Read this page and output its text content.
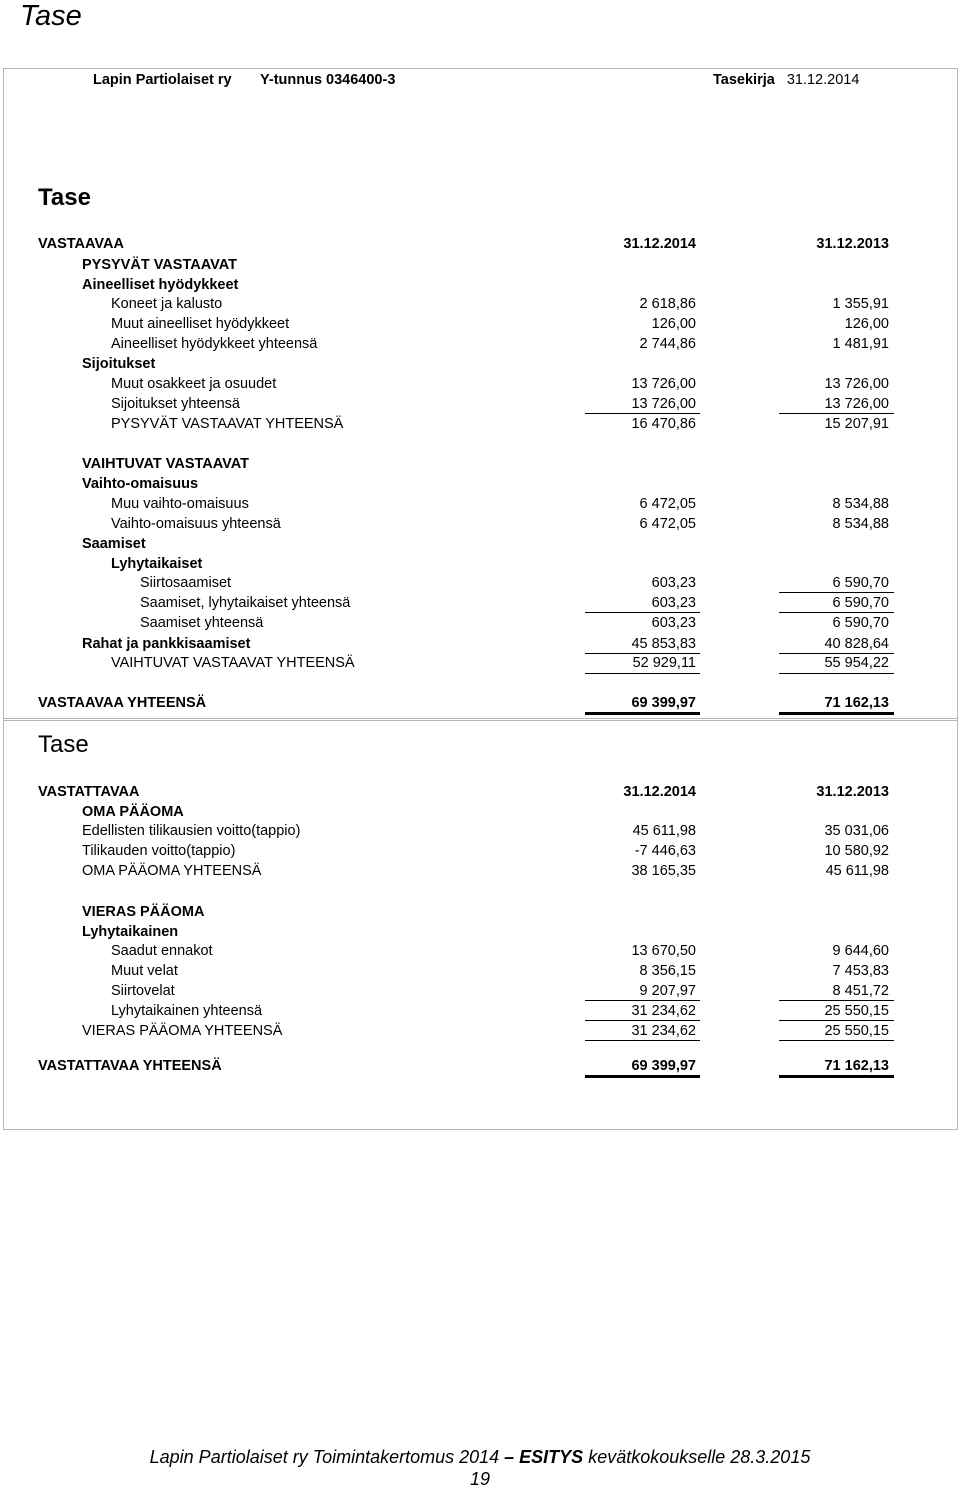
Tase
Lapin Partiolaiset ry Y-tunnus 0346400-3	Tasekirja 31.12.2014
Tase
VASTAAVAA	31.12.2014	31.12.2013
PYSYVÄT VASTAAVAT
Aineelliset hyödykkeet
Koneet ja kalusto	2 618,86	1 355,91
Muut aineelliset hyödykkeet	126,00	126,00
Aineelliset hyödykkeet yhteensä	2 744,86	1 481,91
Sijoitukset
Muut osakkeet ja osuudet	13 726,00	13 726,00
Sijoitukset yhteensä	13 726,00	13 726,00
PYSYVÄT VASTAAVAT YHTEENSÄ	16 470,86	15 207,91
VAIHTUVAT VASTAAVAT
Vaihto-omaisuus
Muu vaihto-omaisuus	6 472,05	8 534,88
Vaihto-omaisuus yhteensä	6 472,05	8 534,88
Saamiset
Lyhytaikaiset
Siirtosaamiset	603,23	6 590,70
Saamiset, lyhytaikaiset yhteensä	603,23	6 590,70
Saamiset yhteensä	603,23	6 590,70
Rahat ja pankkisaamiset	45 853,83	40 828,64
VAIHTUVAT VASTAAVAT YHTEENSÄ	52 929,11	55 954,22
VASTAAVAA YHTEENSÄ	69 399,97	71 162,13
Tase
VASTATTAVAA	31.12.2014	31.12.2013
OMA PÄÄOMA
Edellisten tilikausien voitto(tappio)	45 611,98	35 031,06
Tilikauden voitto(tappio)	-7 446,63	10 580,92
OMA PÄÄOMA YHTEENSÄ	38 165,35	45 611,98
VIERAS PÄÄOMA
Lyhytaikainen
Saadut ennakot	13 670,50	9 644,60
Muut velat	8 356,15	7 453,83
Siirtovelat	9 207,97	8 451,72
Lyhytaikainen yhteensä	31 234,62	25 550,15
VIERAS PÄÄOMA YHTEENSÄ	31 234,62	25 550,15
VASTATTAVAA YHTEENSÄ	69 399,97	71 162,13
Lapin Partiolaiset ry Toimintakertomus 2014 – ESITYS kevätkokoukselle 28.3.2015
19
